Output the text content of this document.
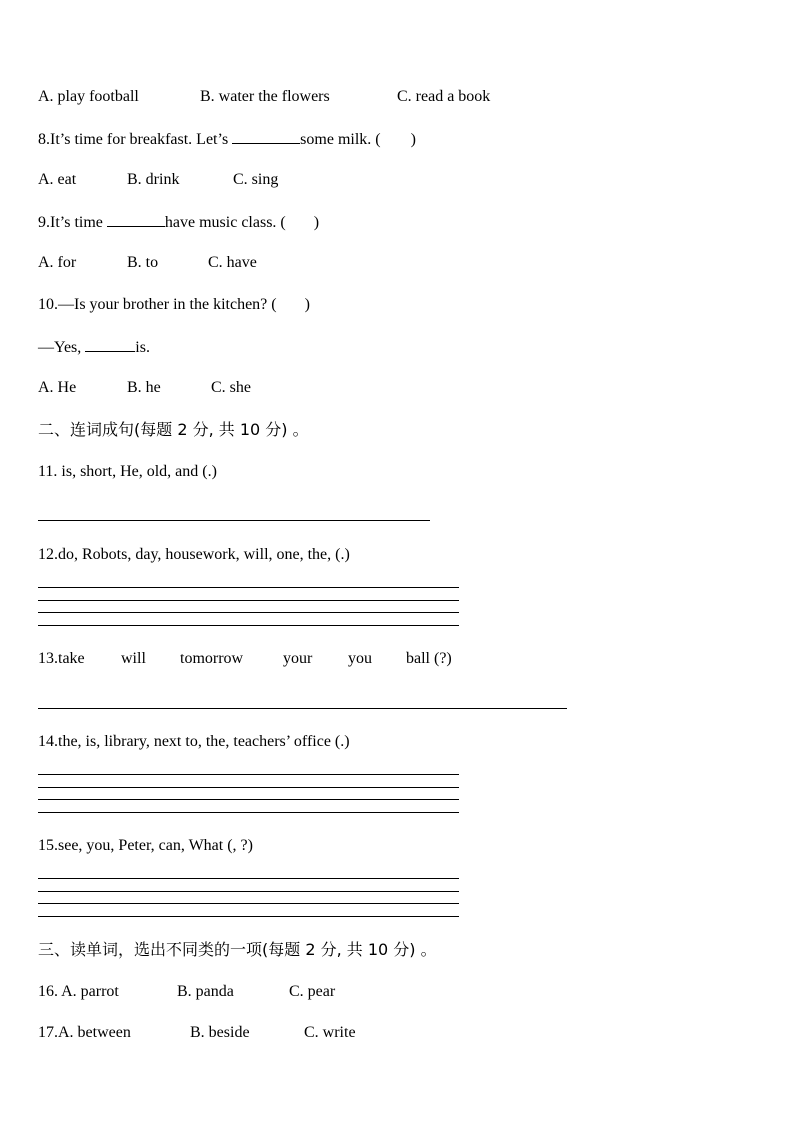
A. play football	B. water the flowers	C. read a book
8.It’s time for breakfast. Let’s	some milk. ( )
A. eat	B. drink	C. sing
9.It’s time	have music class. ( )
A. for	B. to	C. have
10.—Is your brother in the kitchen? ( )
—Yes,	is.
A. He	B. he	C. she
二、连词成句(每题 2 分, 共 10 分) 。
11. is, short, He, old, and (.)
12.do, Robots, day, housework, will, one, the, (.)
13.take will tomorrow your you ball (?)
14.the, is, library, next to, the, teachers’ office (.)
15.see, you, Peter, can, What (, ?)
三、读单词，选出不同类的一项(每题 2 分, 共 10 分) 。
16. A. parrot	B. panda	C. pear
17.A. between	B. beside	C. write
